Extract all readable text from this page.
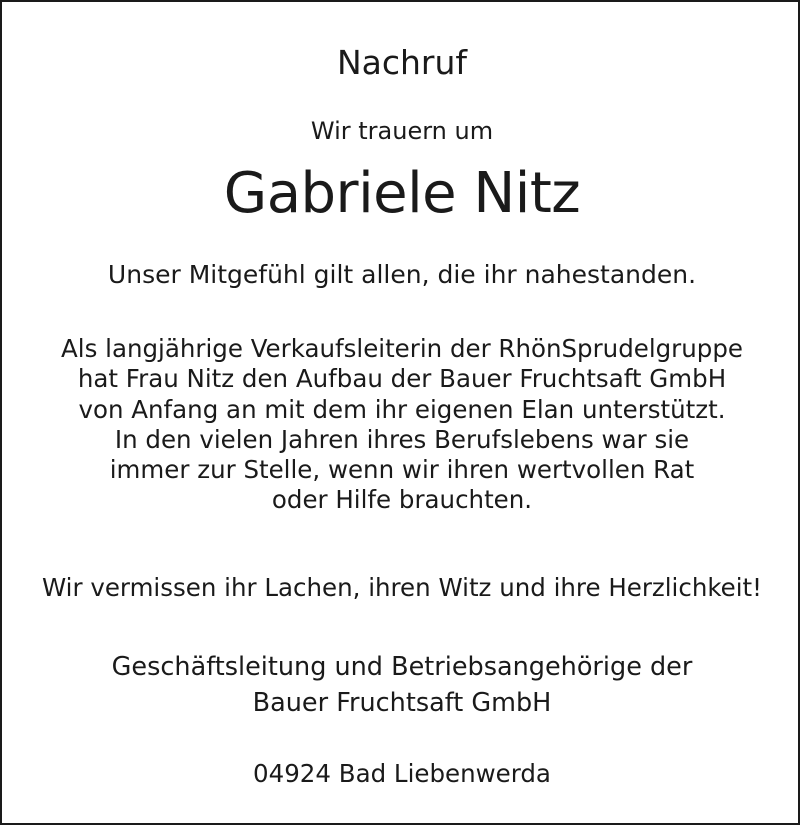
Nachruf
Wir trauern um
Gabriele Nitz
Unser Mitgefühl gilt allen, die ihr nahestanden.
Als langjährige Verkaufsleiterin der RhönSprudelgruppe
hat Frau Nitz den Aufbau der Bauer Fruchtsaft GmbH
von Anfang an mit dem ihr eigenen Elan unterstützt.
In den vielen Jahren ihres Berufslebens war sie
immer zur Stelle, wenn wir ihren wertvollen Rat
oder Hilfe brauchten.
Wir vermissen ihr Lachen, ihren Witz und ihre Herzlichkeit!
Geschäftsleitung und Betriebsangehörige der
Bauer Fruchtsaft GmbH
04924 Bad Liebenwerda
